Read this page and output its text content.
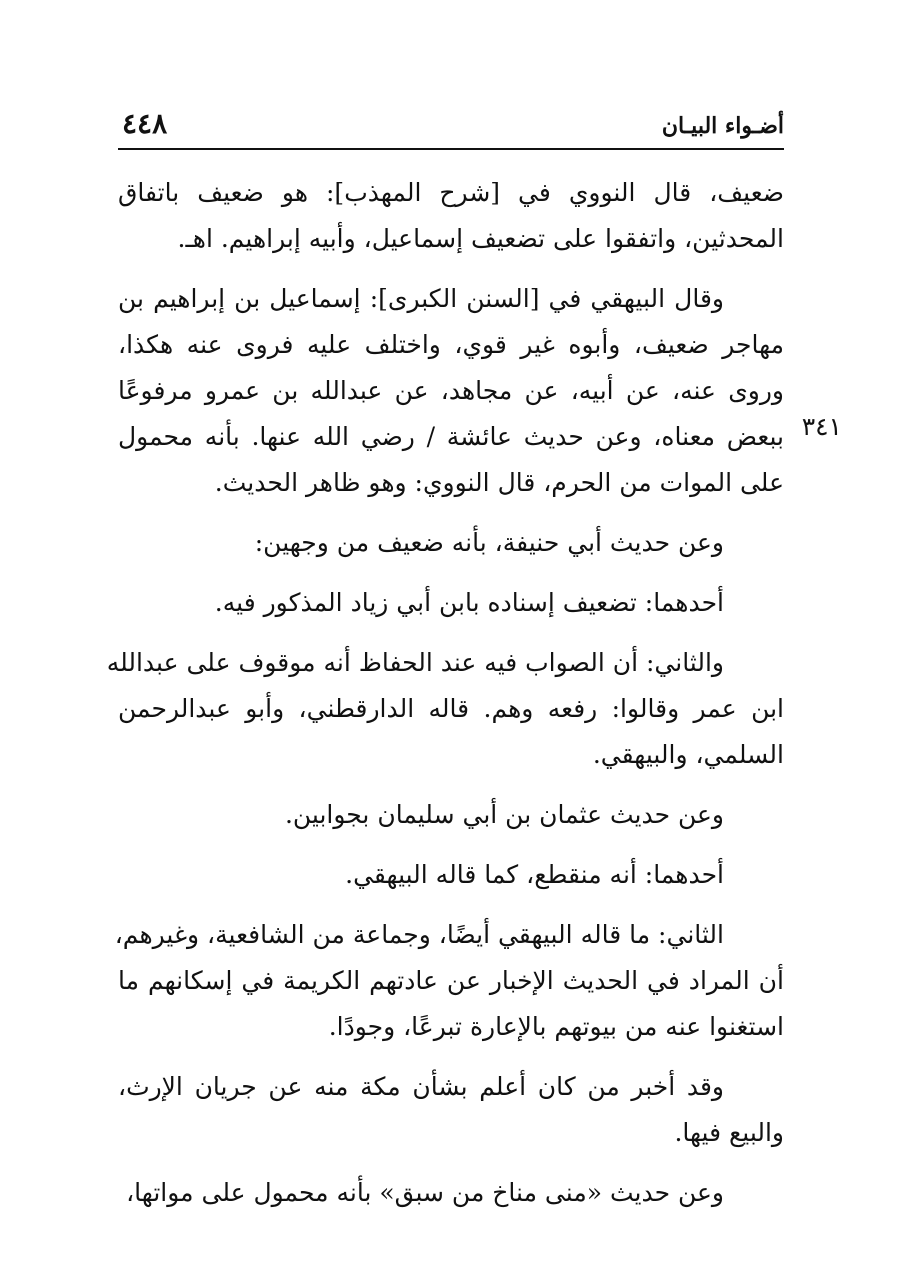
أضـواء البيـان
٤٤٨
٣٤١
ضعيف، قال النووي في [شرح المهذب]: هو ضعيف باتفاق
المحدثين، واتفقوا على تضعيف إسماعيل، وأبيه إبراهيم. اهـ.
وقال البيهقي في [السنن الكبرى]: إسماعيل بن إبراهيم بن
مهاجر ضعيف، وأبوه غير قوي، واختلف عليه فروى عنه هكذا،
وروى عنه، عن أبيه، عن مجاهد، عن عبدالله بن عمرو مرفوعًا
ببعض معناه، وعن حديث عائشة / رضي الله عنها. بأنه محمول
على الموات من الحرم، قال النووي: وهو ظاهر الحديث.
وعن حديث أبي حنيفة، بأنه ضعيف من وجهين:
أحدهما: تضعيف إسناده بابن أبي زياد المذكور فيه.
والثاني: أن الصواب فيه عند الحفاظ أنه موقوف على عبدالله
ابن عمر وقالوا: رفعه وهم. قاله الدارقطني، وأبو عبدالرحمن
السلمي، والبيهقي.
وعن حديث عثمان بن أبي سليمان بجوابين.
أحدهما: أنه منقطع، كما قاله البيهقي.
الثاني: ما قاله البيهقي أيضًا، وجماعة من الشافعية، وغيرهم،
أن المراد في الحديث الإخبار عن عادتهم الكريمة في إسكانهم ما
استغنوا عنه من بيوتهم بالإعارة تبرعًا، وجودًا.
وقد أخبر من كان أعلم بشأن مكة منه عن جريان الإرث،
والبيع فيها.
وعن حديث «منى مناخ من سبق» بأنه محمول على مواتها،
